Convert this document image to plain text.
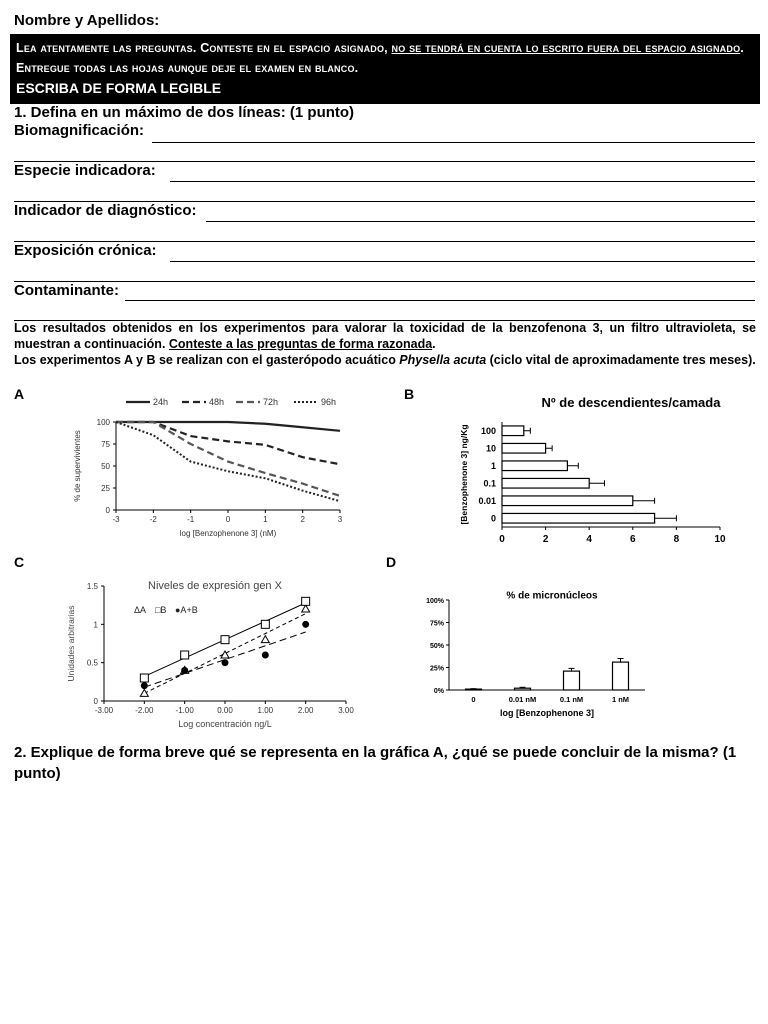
Nombre y Apellidos:

Lea atentamente las preguntas. Conteste en el espacio asignado, no se tendrá en cuenta lo escrito fuera del espacio asignado. Entregue todas las hojas aunque deje el examen en blanco.

ESCRIBA DE FORMA LEGIBLE
1. Defina en un máximo de dos líneas: (1 punto)
Biomagnificación:
Especie indicadora:
Indicador de diagnóstico:
Exposición crónica:
Contaminante:
Los resultados obtenidos en los experimentos para valorar la toxicidad de la benzofenona 3, un filtro ultravioleta, se muestran a continuación. Conteste a las preguntas de forma razonada.
Los experimentos A y B se realizan con el gasterópodo acuático Physella acuta (ciclo vital de aproximadamente tres meses).
A	B
C	D
0
25
50
75
100
-3	-2	-1	0	1	2	3
log [Benzophenone 3] (nM)
% de supervivientes
24h	48h	72h	96h	Nº de descendientes/camada
0	2	4	6	8	10
100
10
1
0.1
0.01
0
[Benzophenone 3] ng/Kg
Niveles de expresión gen X
0
0.5
1
1.5
-3.00	-2.00	-1.00	0.00	1.00	2.00	3.00
Log concentración ng/L
Unidades arbitrarias	ΔA □B ●A+B
% de micronúcleos
0%
25%
50%
75%
100%
0	0.01 nM	0.1 nM	1 nM
log [Benzophenone 3]
2. Explique de forma breve qué se representa en la gráfica A, ¿qué se puede concluir de la misma? (1 punto)
